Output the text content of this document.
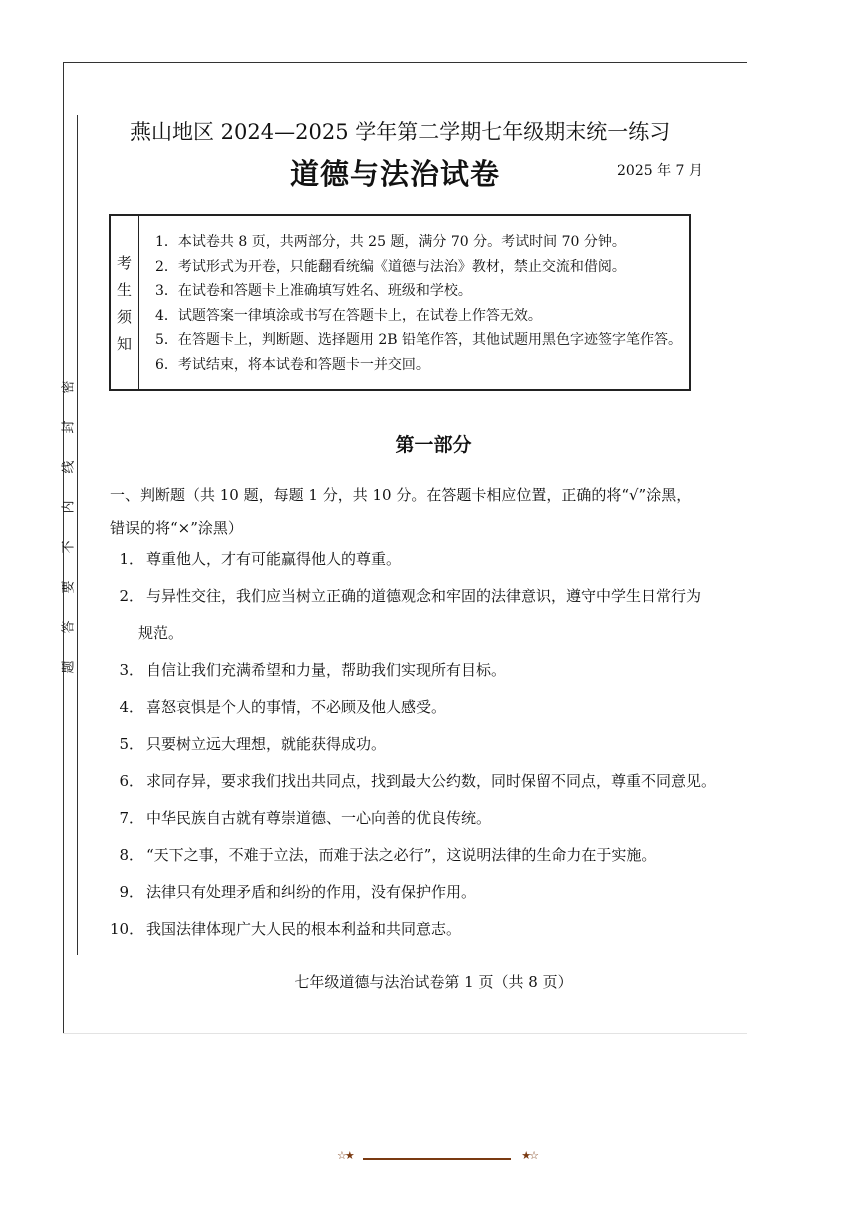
密
封
线
内
不
要
答
题
燕山地区 2024—2025 学年第二学期七年级期末统一练习
道德与法治试卷	2025 年 7 月
考
生
须
知
1．本试卷共 8 页，共两部分，共 25 题，满分 70 分。考试时间 70 分钟。
2．考试形式为开卷，只能翻看统编《道德与法治》教材，禁止交流和借阅。
3．在试卷和答题卡上准确填写姓名、班级和学校。
4．试题答案一律填涂或书写在答题卡上，在试卷上作答无效。
5．在答题卡上，判断题、选择题用 2B 铅笔作答，其他试题用黑色字迹签字笔作答。
6．考试结束，将本试卷和答题卡一并交回。
第一部分
一、判断题（共 10 题，每题 1 分，共 10 分。在答题卡相应位置，正确的将“√”涂黑，
错误的将“×”涂黑）
1． 尊重他人，才有可能赢得他人的尊重。
2． 与异性交往，我们应当树立正确的道德观念和牢固的法律意识，遵守中学生日常行为
规范。
3． 自信让我们充满希望和力量，帮助我们实现所有目标。
4． 喜怒哀惧是个人的事情，不必顾及他人感受。
5． 只要树立远大理想，就能获得成功。
6． 求同存异，要求我们找出共同点，找到最大公约数，同时保留不同点，尊重不同意见。
7． 中华民族自古就有尊崇道德、一心向善的优良传统。
8． “天下之事，不难于立法，而难于法之必行”，这说明法律的生命力在于实施。
9． 法律只有处理矛盾和纠纷的作用，没有保护作用。
10． 我国法律体现广大人民的根本利益和共同意志。
七年级道德与法治试卷第 1 页（共 8 页）
☆★	★☆
